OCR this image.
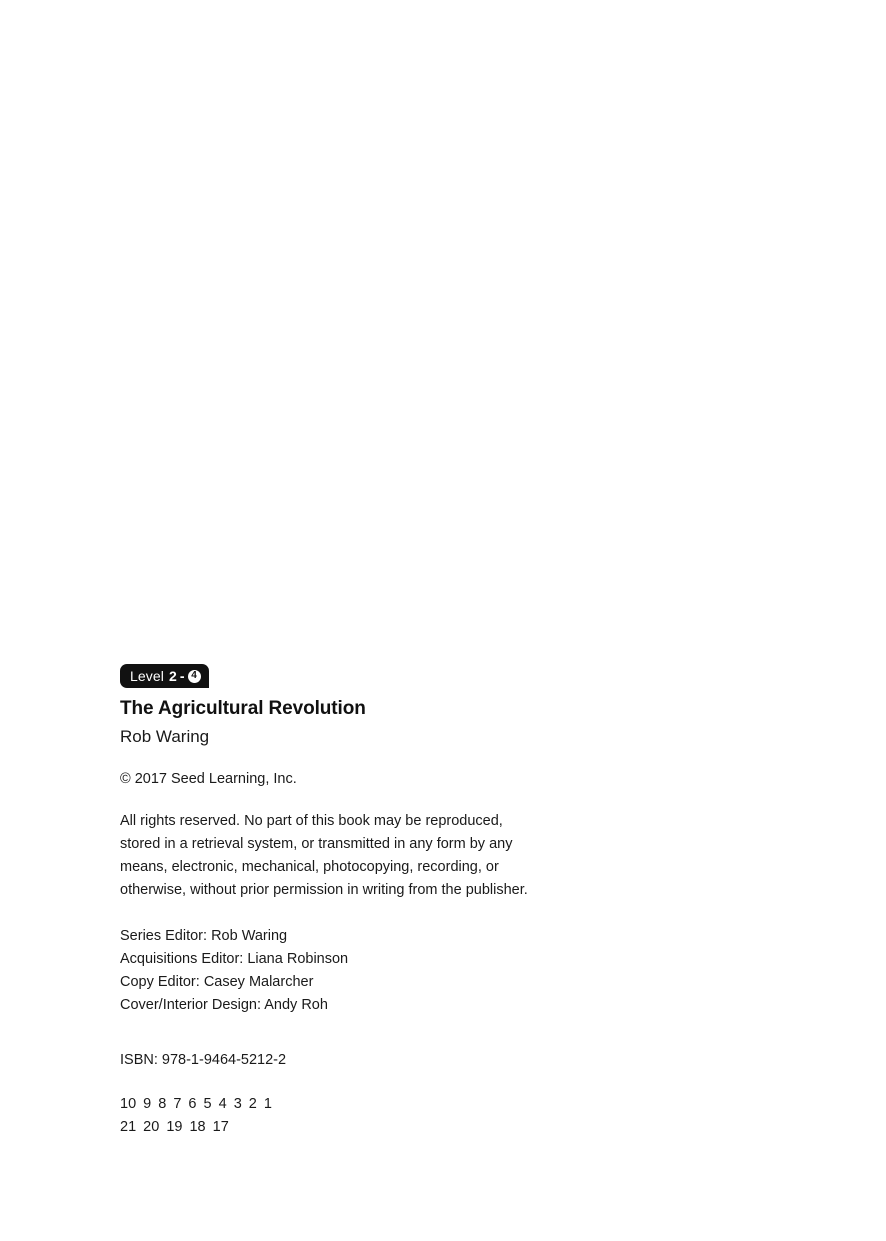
Level 2 - 4
The Agricultural Revolution
Rob Waring
© 2017 Seed Learning, Inc.
All rights reserved. No part of this book may be reproduced,
stored in a retrieval system, or transmitted in any form by any
means, electronic, mechanical, photocopying, recording, or
otherwise, without prior permission in writing from the publisher.
Series Editor: Rob Waring
Acquisitions Editor: Liana Robinson
Copy Editor: Casey Malarcher
Cover/Interior Design: Andy Roh
ISBN: 978-1-9464-5212-2
10 9 8 7 6 5 4 3 2 1
21 20 19 18 17
